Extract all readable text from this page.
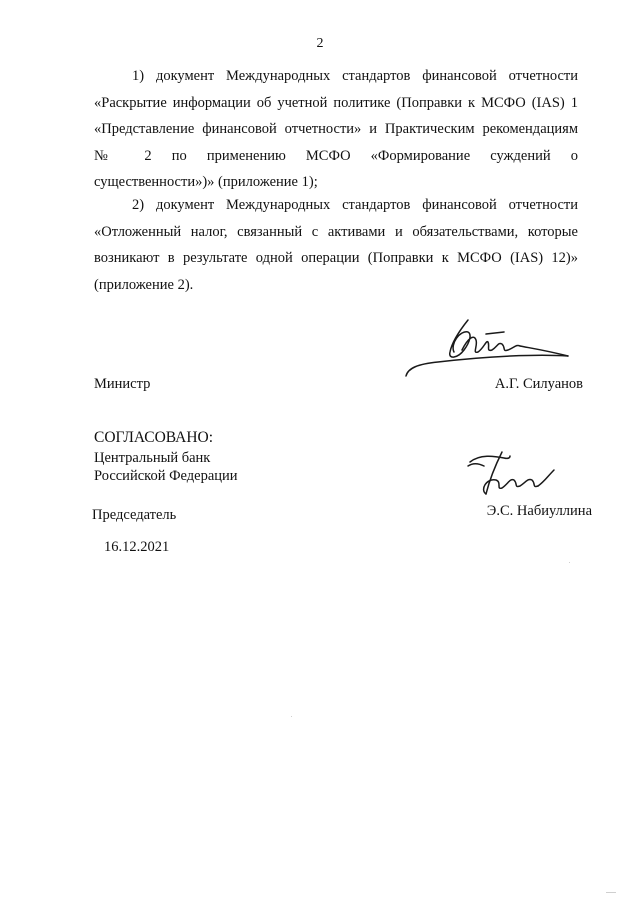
2
1) документ Международных стандартов финансовой отчетности
«Раскрытие информации об учетной политике (Поправки к МСФО (IAS) 1
«Представление финансовой отчетности» и Практическим рекомендациям
№ 2 по применению МСФО «Формирование суждений о
существенности»)» (приложение 1);
2) документ Международных стандартов финансовой отчетности
«Отложенный налог, связанный с активами и обязательствами, которые
возникают в результате одной операции (Поправки к МСФО (IAS) 12)»
(приложение 2).
Министр	А.Г. Силуанов
СОГЛАСОВАНО:
Центральный банк
Российской Федерации
Председатель	Э.С. Набиуллина
16.12.2021
